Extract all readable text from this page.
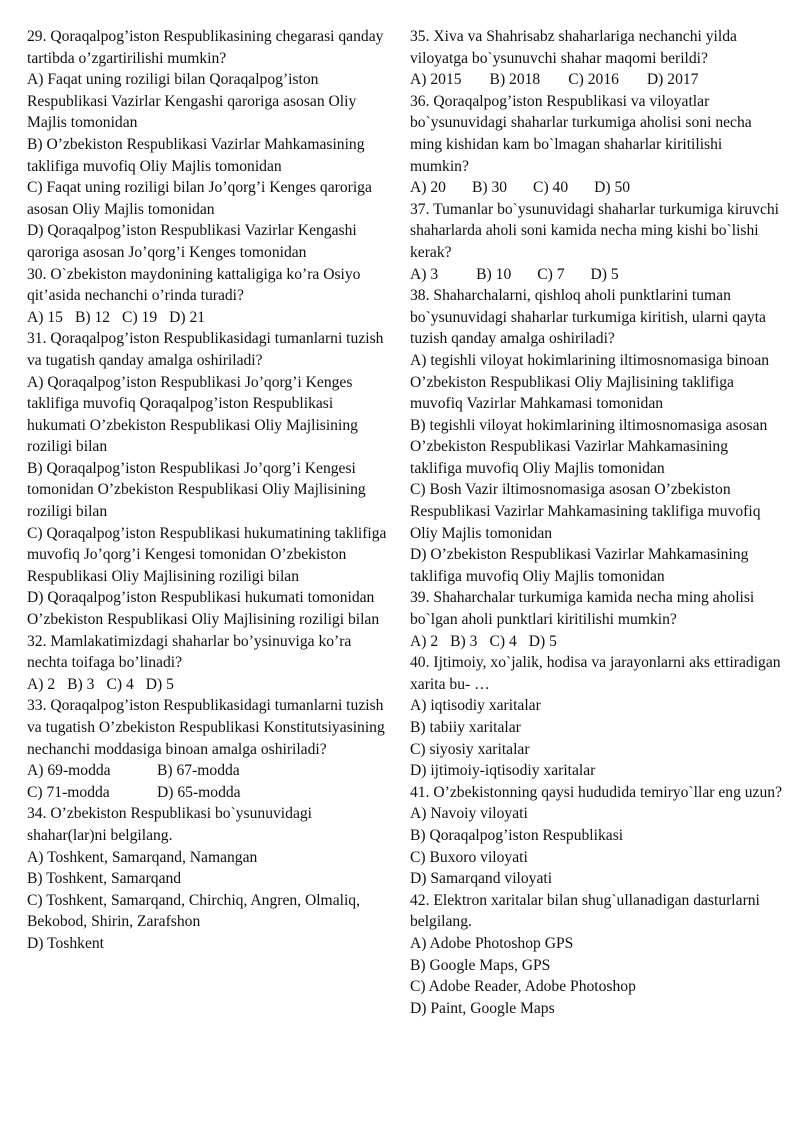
29. Qoraqalpog’iston Respublikasining chegarasi qanday tartibda o’zgartirilishi mumkin?
A) Faqat uning roziligi bilan Qoraqalpog’iston Respublikasi Vazirlar Kengashi qaroriga asosan Oliy Majlis tomonidan
B) O’zbekiston Respublikasi Vazirlar Mahkamasining taklifiga muvofiq Oliy Majlis tomonidan
C) Faqat uning roziligi bilan Jo’qorg’i Kenges qaroriga asosan Oliy Majlis tomonidan
D) Qoraqalpog’iston Respublikasi Vazirlar Kengashi qaroriga asosan Jo’qorg’i Kenges tomonidan
30. O`zbekiston maydonining kattaligiga ko’ra Osiyo qit’asida nechanchi o’rinda turadi?
A) 15 B) 12 C) 19 D) 21
31. Qoraqalpog’iston Respublikasidagi tumanlarni tuzish va tugatish qanday amalga oshiriladi?
A) Qoraqalpog’iston Respublikasi Jo’qorg’i Kenges taklifiga muvofiq Qoraqalpog’iston Respublikasi hukumati O’zbekiston Respublikasi Oliy Majlisining roziligi bilan
B) Qoraqalpog’iston Respublikasi Jo’qorg’i Kengesi tomonidan O’zbekiston Respublikasi Oliy Majlisining roziligi bilan
C) Qoraqalpog’iston Respublikasi hukumatining taklifiga muvofiq Jo’qorg’i Kengesi tomonidan O’zbekiston Respublikasi Oliy Majlisining roziligi bilan
D) Qoraqalpog’iston Respublikasi hukumati tomonidan O’zbekiston Respublikasi Oliy Majlisining roziligi bilan
32. Mamlakatimizdagi shaharlar bo’ysinuviga ko’ra nechta toifaga bo’linadi?
A) 2 B) 3 C) 4 D) 5
33. Qoraqalpog’iston Respublikasidagi tumanlarni tuzish va tugatish O’zbekiston Respublikasi Konstitutsiyasining nechanchi moddasiga binoan amalga oshiriladi?
A) 69-modda	B) 67-modda
C) 71-modda	D) 65-modda
34. O’zbekiston Respublikasi bo`ysunuvidagi shahar(lar)ni belgilang.
A) Toshkent, Samarqand, Namangan
B) Toshkent, Samarqand
C) Toshkent, Samarqand, Chirchiq, Angren, Olmaliq, Bekobod, Shirin, Zarafshon
D) Toshkent
35. Xiva va Shahrisabz shaharlariga nechanchi yilda viloyatga bo`ysunuvchi shahar maqomi berildi?
A) 2015 B) 2018 C) 2016 D) 2017
36. Qoraqalpog’iston Respublikasi va viloyatlar bo`ysunuvidagi shaharlar turkumiga aholisi soni necha ming kishidan kam bo`lmagan shaharlar kiritilishi mumkin?
A) 20 B) 30 C) 40 D) 50
37. Tumanlar bo`ysunuvidagi shaharlar turkumiga kiruvchi shaharlarda aholi soni kamida necha ming kishi bo`lishi kerak?
A) 3 B) 10 C) 7 D) 5
38. Shaharchalarni, qishloq aholi punktlarini tuman bo`ysunuvidagi shaharlar turkumiga kiritish, ularni qayta tuzish qanday amalga oshiriladi?
A) tegishli viloyat hokimlarining iltimosnomasiga binoan O’zbekiston Respublikasi Oliy Majlisining taklifiga muvofiq Vazirlar Mahkamasi tomonidan
B) tegishli viloyat hokimlarining iltimosnomasiga asosan O’zbekiston Respublikasi Vazirlar Mahkamasining taklifiga muvofiq Oliy Majlis tomonidan
C) Bosh Vazir iltimosnomasiga asosan O’zbekiston Respublikasi Vazirlar Mahkamasining taklifiga muvofiq Oliy Majlis tomonidan
D) O’zbekiston Respublikasi Vazirlar Mahkamasining taklifiga muvofiq Oliy Majlis tomonidan
39. Shaharchalar turkumiga kamida necha ming aholisi bo`lgan aholi punktlari kiritilishi mumkin?
A) 2 B) 3 C) 4 D) 5
40. Ijtimoiy, xo`jalik, hodisa va jarayonlarni aks ettiradigan xarita bu- …
A) iqtisodiy xaritalar
B) tabiiy xaritalar
C) siyosiy xaritalar
D) ijtimoiy-iqtisodiy xaritalar
41. O’zbekistonning qaysi hududida temiryo`llar eng uzun?
A) Navoiy viloyati
B) Qoraqalpog’iston Respublikasi
C) Buxoro viloyati
D) Samarqand viloyati
42. Elektron xaritalar bilan shug`ullanadigan dasturlarni belgilang.
A) Adobe Photoshop GPS
B) Google Maps, GPS
C) Adobe Reader, Adobe Photoshop
D) Paint, Google Maps
